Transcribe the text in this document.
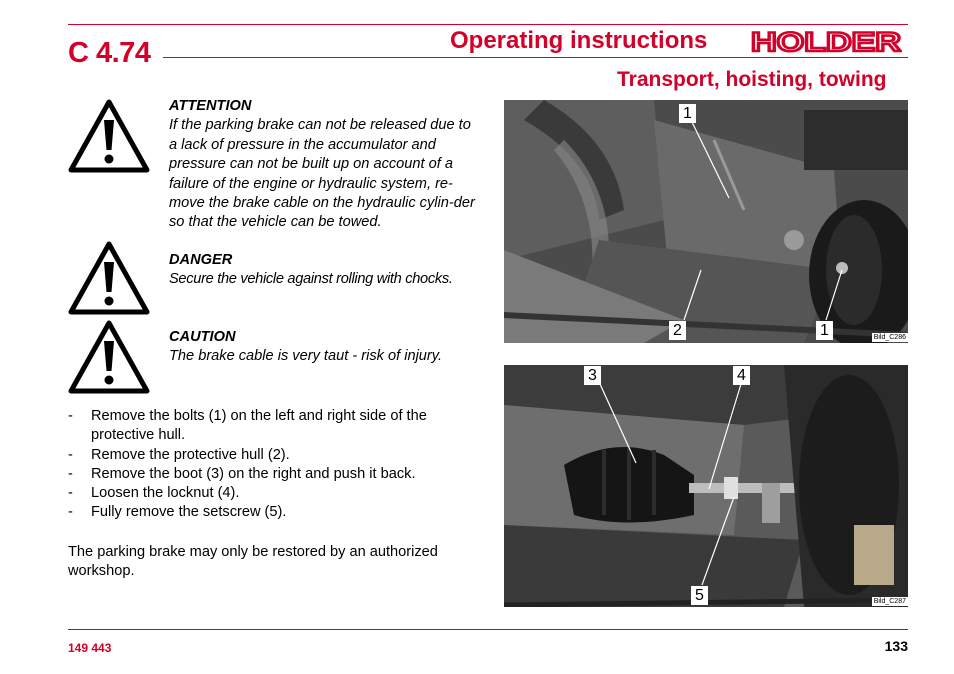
C 4.74	Operating instructions HOLDER
Transport, hoisting, towing
ATTENTION
If the parking brake can not be released due to a lack of pressure in the accumulator and pressure can not be built up on account of a failure of the engine or hydraulic system, re-move the brake cable on the hydraulic cylin-der so that the vehicle can be towed.
DANGER
Secure the vehicle against rolling with chocks.
CAUTION
The brake cable is very taut - risk of injury.
- Remove the bolts (1) on the left and right side of the protective hull.
- Remove the protective hull (2).
- Remove the boot (3) on the right and push it back.
- Loosen the locknut (4).
- Fully remove the setscrew (5).
The parking brake may only be restored by an authorized workshop.
1
2	1	Bild_C286
3	4
5	Bild_C287
149 443	133
